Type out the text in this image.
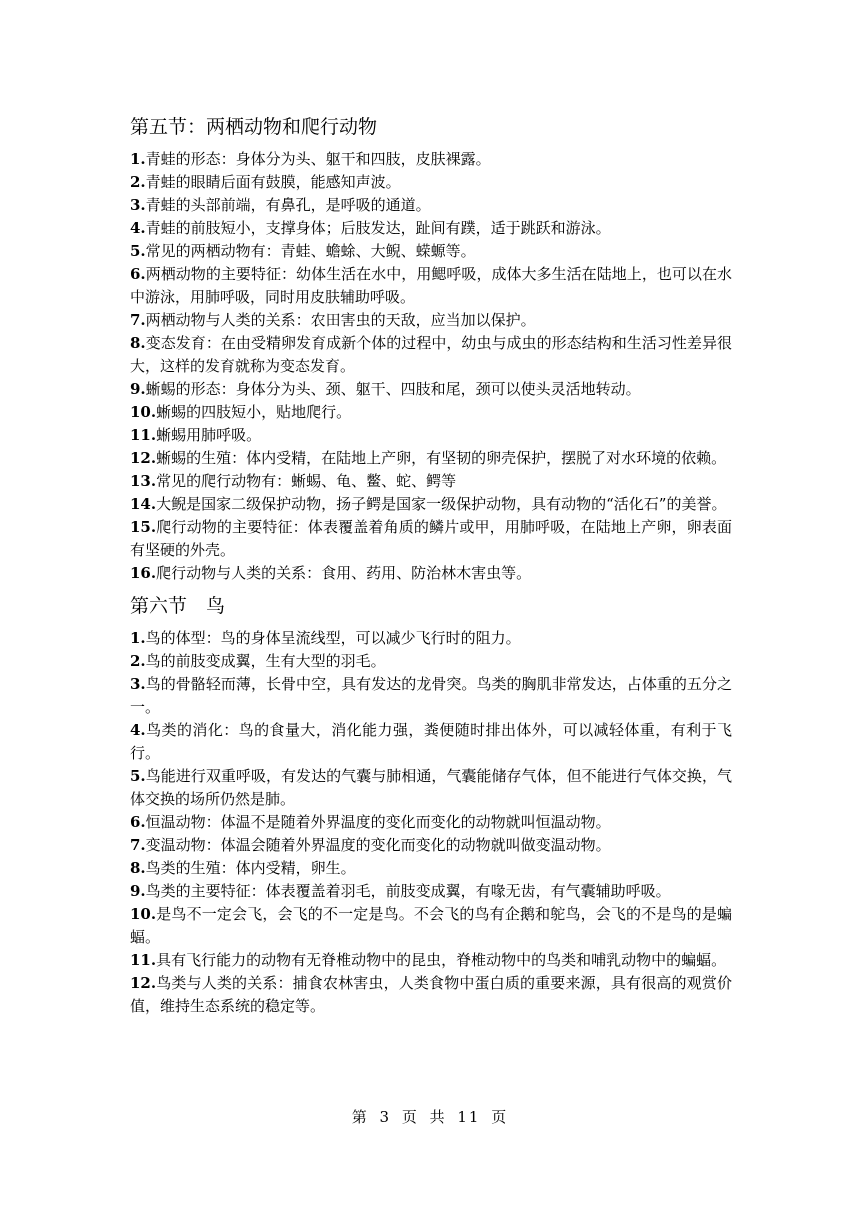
第五节：两栖动物和爬行动物

1.青蛙的形态：身体分为头、躯干和四肢，皮肤裸露。

2.青蛙的眼睛后面有鼓膜，能感知声波。

3.青蛙的头部前端，有鼻孔，是呼吸的通道。

4.青蛙的前肢短小，支撑身体；后肢发达，趾间有蹼，适于跳跃和游泳。

5.常见的两栖动物有：青蛙、蟾蜍、大鲵、蝾螈等。

6.两栖动物的主要特征：幼体生活在水中，用鳃呼吸，成体大多生活在陆地上，也可以在水中游泳，用肺呼吸，同时用皮肤辅助呼吸。

7.两栖动物与人类的关系：农田害虫的天敌，应当加以保护。

8.变态发育：在由受精卵发育成新个体的过程中，幼虫与成虫的形态结构和生活习性差异很大，这样的发育就称为变态发育。

9.蜥蜴的形态：身体分为头、颈、躯干、四肢和尾，颈可以使头灵活地转动。

10.蜥蜴的四肢短小，贴地爬行。

11.蜥蜴用肺呼吸。

12.蜥蜴的生殖：体内受精，在陆地上产卵，有坚韧的卵壳保护，摆脱了对水环境的依赖。

13.常见的爬行动物有：蜥蜴、龟、鳖、蛇、鳄等

14.大鲵是国家二级保护动物，扬子鳄是国家一级保护动物，具有动物的“活化石”的美誉。

15.爬行动物的主要特征：体表覆盖着角质的鳞片或甲，用肺呼吸，在陆地上产卵，卵表面有坚硬的外壳。

16.爬行动物与人类的关系：食用、药用、防治林木害虫等。

第六节　鸟

1.鸟的体型：鸟的身体呈流线型，可以减少飞行时的阻力。

2.鸟的前肢变成翼，生有大型的羽毛。

3.鸟的骨骼轻而薄，长骨中空，具有发达的龙骨突。鸟类的胸肌非常发达，占体重的五分之一。

4.鸟类的消化：鸟的食量大，消化能力强，粪便随时排出体外，可以减轻体重，有利于飞行。

5.鸟能进行双重呼吸，有发达的气囊与肺相通，气囊能储存气体，但不能进行气体交换，气体交换的场所仍然是肺。

6.恒温动物：体温不是随着外界温度的变化而变化的动物就叫恒温动物。

7.变温动物：体温会随着外界温度的变化而变化的动物就叫做变温动物。

8.鸟类的生殖：体内受精，卵生。

9.鸟类的主要特征：体表覆盖着羽毛，前肢变成翼，有喙无齿，有气囊辅助呼吸。

10.是鸟不一定会飞，会飞的不一定是鸟。不会飞的鸟有企鹅和鸵鸟，会飞的不是鸟的是蝙蝠。

11.具有飞行能力的动物有无脊椎动物中的昆虫，脊椎动物中的鸟类和哺乳动物中的蝙蝠。

12.鸟类与人类的关系：捕食农林害虫，人类食物中蛋白质的重要来源，具有很高的观赏价值，维持生态系统的稳定等。

第 3 页 共 11 页
